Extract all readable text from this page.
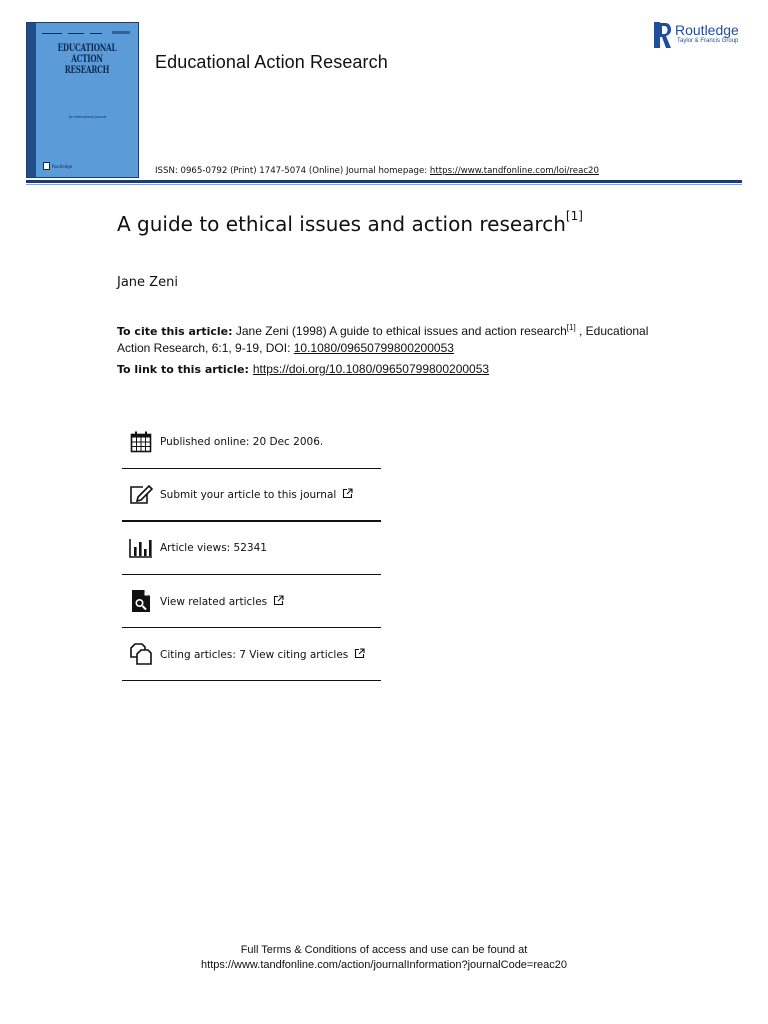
EDUCATIONAL
ACTION
RESEARCH
An International Journal
Routledge
Educational Action Research
Routledge
Taylor & Francis Group
ISSN: 0965-0792 (Print) 1747-5074 (Online) Journal homepage: https://www.tandfonline.com/loi/reac20
A guide to ethical issues and action research[1]
Jane Zeni
To cite this article: Jane Zeni (1998) A guide to ethical issues and action research[1] , Educational Action Research, 6:1, 9-19, DOI: 10.1080/09650799800200053
To link to this article: https://doi.org/10.1080/09650799800200053
Published online: 20 Dec 2006.
Submit your article to this journal
Article views: 52341
View related articles
Citing articles: 7 View citing articles
Full Terms & Conditions of access and use can be found at
https://www.tandfonline.com/action/journalInformation?journalCode=reac20
